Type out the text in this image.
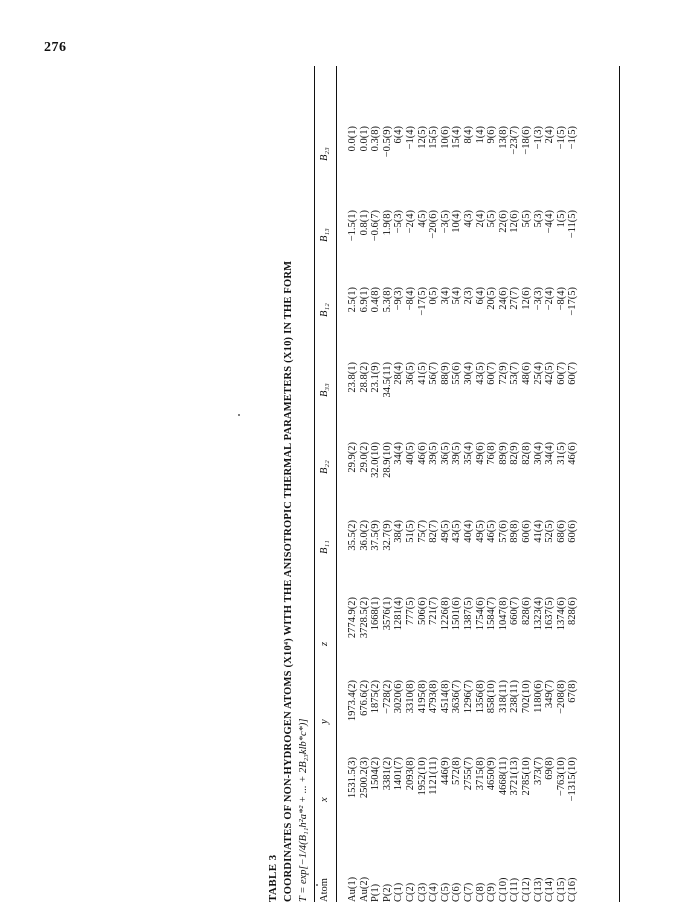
276
TABLE 3 COORDINATES OF NON-HYDROGEN ATOMS (X10⁴) WITH THE ANISOTROPIC THERMAL PARAMETERS (X10) IN THE FORM T = exp[−1/4(B₁₁h²a*² + ... + 2B₂₃klb*c*)] Atom
x
y
z
B₁₁
B₂₂
B₃₃
B₁₂
B₁₃
B₂₃
Au(1)
1531.5(3)
1973.4(2)
2774.9(2)
35.5(2)
29.9(2)
23.8(1)
2.5(1)
−1.5(1)
0.0(1)
Au(2)
2500.2(3)
676.6(2)
3728.5(2)
36.0(2)
29.0(2)
28.8(2)
6.9(1)
0.8(1)
0.0(1)
P(1)
1504(2)
1875(2)
1668(1)
37.5(9)
32.0(10)
23.1(9)
0.4(8)
−0.6(7)
0.3(8)
P(2)
3381(2)
−728(2)
3576(1)
32.7(9)
28.9(10)
34.5(11)
5.3(8)
1.9(8)
−0.5(9)
C(1)
1401(7)
3020(6)
1281(4)
38(4)
34(4)
28(4)
−9(3)
−5(3)
6(4)
C(2)
2093(8)
3310(8)
777(5)
51(5)
40(5)
36(5)
−8(4)
−2(4)
−1(4)
C(3)
1952(10)
4195(8)
506(6)
75(7)
46(6)
41(5)
−17(5)
4(5)
12(5)
C(4)
1121(11)
4793(8)
721(7)
82(7)
39(5)
56(7)
0(5)
−20(6)
15(5)
C(5)
446(9)
4514(8)
1226(8)
49(5)
36(5)
88(9)
3(4)
−3(5)
10(6)
C(6)
572(8)
3636(7)
1501(6)
43(5)
39(5)
55(6)
5(4)
10(4)
15(4)
C(7)
2755(7)
1296(7)
1387(5)
40(4)
35(4)
30(4)
2(3)
4(3)
8(4)
C(8)
3715(8)
1356(8)
1754(6)
49(5)
49(6)
43(5)
6(4)
2(4)
1(4)
C(9)
4650(9)
858(10)
1584(7)
46(5)
76(8)
60(7)
20(5)
5(5)
9(6)
C(10)
4668(11)
318(11)
1047(8)
57(6)
89(9)
72(9)
24(6)
22(6)
13(8)
C(11)
3721(13)
238(11)
660(7)
89(8)
82(9)
53(7)
27(7)
12(6)
−23(7)
C(12)
2785(10)
702(10)
828(6)
60(6)
82(8)
48(6)
12(6)
5(5)
−18(6)
C(13)
373(7)
1180(6)
1323(4)
41(4)
30(4)
25(4)
−3(3)
5(3)
−1(3)
C(14)
69(8)
349(7)
1637(5)
52(5)
34(4)
42(5)
−2(4)
−4(4)
2(4)
C(15)
−763(10)
−208(8)
1374(6)
68(6)
31(5)
60(7)
−8(4)
1(5)
−1(5)
C(16)
−1315(10)
67(8)
828(6)
60(6)
46(6)
60(7)
−17(5)
−11(5)
−1(5)
